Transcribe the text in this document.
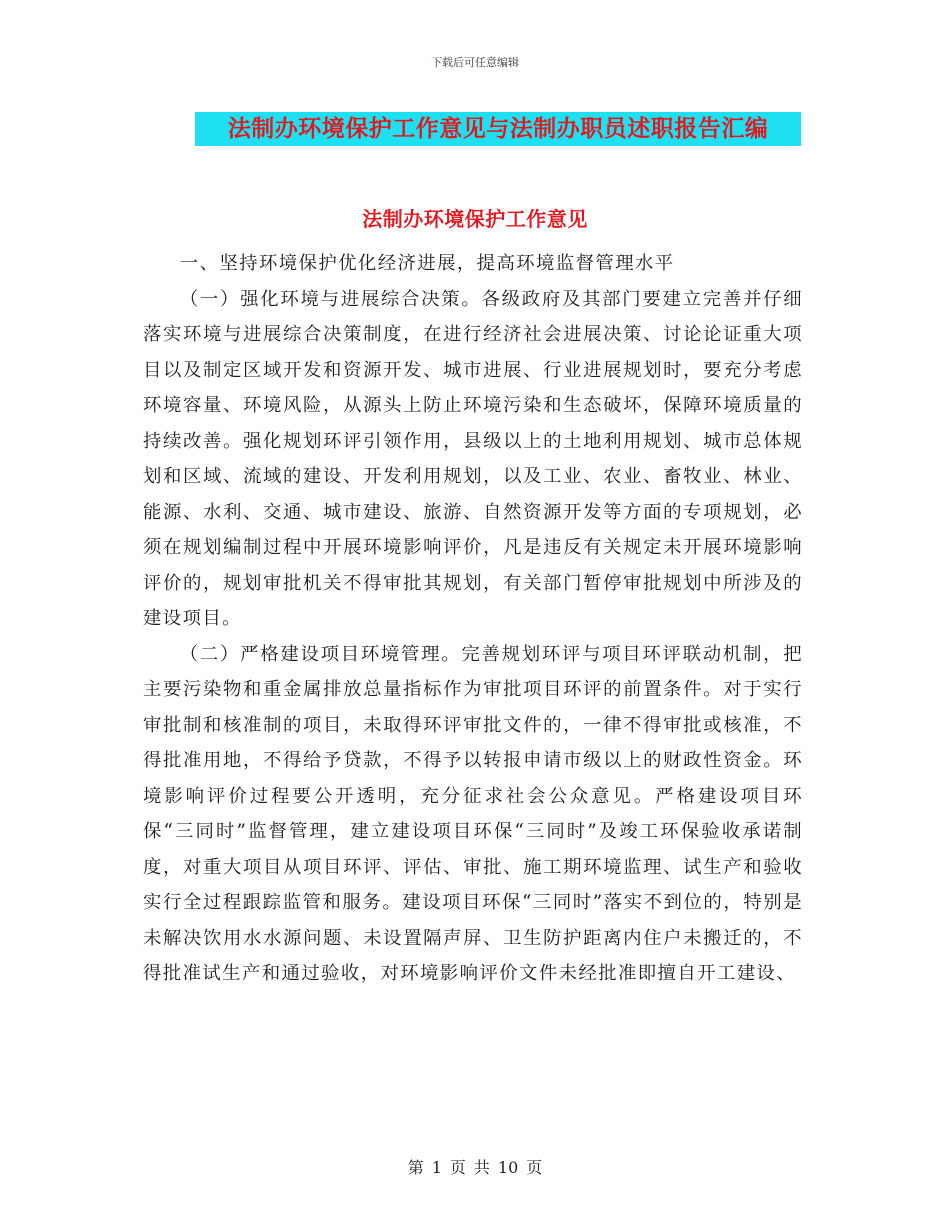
下载后可任意编辑
法制办环境保护工作意见与法制办职员述职报告汇编
法制办环境保护工作意见

一、坚持环境保护优化经济进展，提高环境监督管理水平

（一）强化环境与进展综合决策。各级政府及其部门要建立完善并仔细落实环境与进展综合决策制度，在进行经济社会进展决策、讨论论证重大项目以及制定区域开发和资源开发、城市进展、行业进展规划时，要充分考虑环境容量、环境风险，从源头上防止环境污染和生态破坏，保障环境质量的持续改善。强化规划环评引领作用，县级以上的土地利用规划、城市总体规划和区域、流域的建设、开发利用规划，以及工业、农业、畜牧业、林业、能源、水利、交通、城市建设、旅游、自然资源开发等方面的专项规划，必须在规划编制过程中开展环境影响评价，凡是违反有关规定未开展环境影响评价的，规划审批机关不得审批其规划，有关部门暂停审批规划中所涉及的建设项目。

（二）严格建设项目环境管理。完善规划环评与项目环评联动机制，把主要污染物和重金属排放总量指标作为审批项目环评的前置条件。对于实行审批制和核准制的项目，未取得环评审批文件的，一律不得审批或核准，不得批准用地，不得给予贷款，不得予以转报申请市级以上的财政性资金。环境影响评价过程要公开透明，充分征求社会公众意见。严格建设项目环保“三同时”监督管理，建立建设项目环保“三同时”及竣工环保验收承诺制度，对重大项目从项目环评、评估、审批、施工期环境监理、试生产和验收实行全过程跟踪监管和服务。建设项目环保“三同时”落实不到位的，特别是未解决饮用水水源问题、未设置隔声屏、卫生防护距离内住户未搬迁的，不得批准试生产和通过验收，对环境影响评价文件未经批准即擅自开工建设、

第 1 页 共 10 页
